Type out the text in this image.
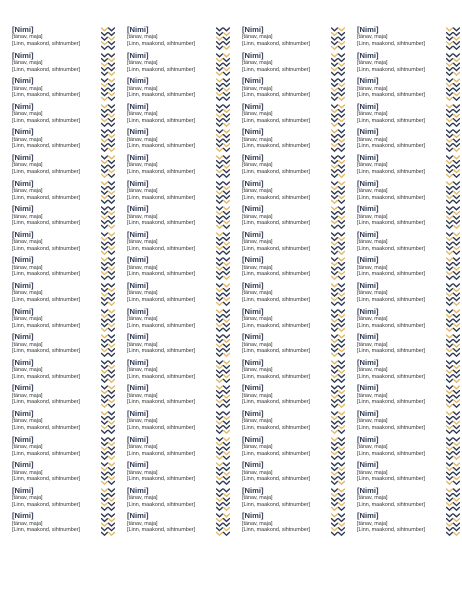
[Nimi]
[tänav, maja]
[Linn, maakond, sihtnumber]
[Nimi]
[tänav, maja]
[Linn, maakond, sihtnumber]
[Nimi]
[tänav, maja]
[Linn, maakond, sihtnumber]
[Nimi]
[tänav, maja]
[Linn, maakond, sihtnumber]
[Nimi]
[tänav, maja]
[Linn, maakond, sihtnumber]
[Nimi]
[tänav, maja]
[Linn, maakond, sihtnumber]
[Nimi]
[tänav, maja]
[Linn, maakond, sihtnumber]
[Nimi]
[tänav, maja]
[Linn, maakond, sihtnumber]
[Nimi]
[tänav, maja]
[Linn, maakond, sihtnumber]
[Nimi]
[tänav, maja]
[Linn, maakond, sihtnumber]
[Nimi]
[tänav, maja]
[Linn, maakond, sihtnumber]
[Nimi]
[tänav, maja]
[Linn, maakond, sihtnumber]
[Nimi]
[tänav, maja]
[Linn, maakond, sihtnumber]
[Nimi]
[tänav, maja]
[Linn, maakond, sihtnumber]
[Nimi]
[tänav, maja]
[Linn, maakond, sihtnumber]
[Nimi]
[tänav, maja]
[Linn, maakond, sihtnumber]
[Nimi]
[tänav, maja]
[Linn, maakond, sihtnumber]
[Nimi]
[tänav, maja]
[Linn, maakond, sihtnumber]
[Nimi]
[tänav, maja]
[Linn, maakond, sihtnumber]
[Nimi]
[tänav, maja]
[Linn, maakond, sihtnumber]
[Nimi]
[tänav, maja]
[Linn, maakond, sihtnumber]
[Nimi]
[tänav, maja]
[Linn, maakond, sihtnumber]
[Nimi]
[tänav, maja]
[Linn, maakond, sihtnumber]
[Nimi]
[tänav, maja]
[Linn, maakond, sihtnumber]
[Nimi]
[tänav, maja]
[Linn, maakond, sihtnumber]
[Nimi]
[tänav, maja]
[Linn, maakond, sihtnumber]
[Nimi]
[tänav, maja]
[Linn, maakond, sihtnumber]
[Nimi]
[tänav, maja]
[Linn, maakond, sihtnumber]
[Nimi]
[tänav, maja]
[Linn, maakond, sihtnumber]
[Nimi]
[tänav, maja]
[Linn, maakond, sihtnumber]
[Nimi]
[tänav, maja]
[Linn, maakond, sihtnumber]
[Nimi]
[tänav, maja]
[Linn, maakond, sihtnumber]
[Nimi]
[tänav, maja]
[Linn, maakond, sihtnumber]
[Nimi]
[tänav, maja]
[Linn, maakond, sihtnumber]
[Nimi]
[tänav, maja]
[Linn, maakond, sihtnumber]
[Nimi]
[tänav, maja]
[Linn, maakond, sihtnumber]
[Nimi]
[tänav, maja]
[Linn, maakond, sihtnumber]
[Nimi]
[tänav, maja]
[Linn, maakond, sihtnumber]
[Nimi]
[tänav, maja]
[Linn, maakond, sihtnumber]
[Nimi]
[tänav, maja]
[Linn, maakond, sihtnumber]
[Nimi]
[tänav, maja]
[Linn, maakond, sihtnumber]
[Nimi]
[tänav, maja]
[Linn, maakond, sihtnumber]
[Nimi]
[tänav, maja]
[Linn, maakond, sihtnumber]
[Nimi]
[tänav, maja]
[Linn, maakond, sihtnumber]
[Nimi]
[tänav, maja]
[Linn, maakond, sihtnumber]
[Nimi]
[tänav, maja]
[Linn, maakond, sihtnumber]
[Nimi]
[tänav, maja]
[Linn, maakond, sihtnumber]
[Nimi]
[tänav, maja]
[Linn, maakond, sihtnumber]
[Nimi]
[tänav, maja]
[Linn, maakond, sihtnumber]
[Nimi]
[tänav, maja]
[Linn, maakond, sihtnumber]
[Nimi]
[tänav, maja]
[Linn, maakond, sihtnumber]
[Nimi]
[tänav, maja]
[Linn, maakond, sihtnumber]
[Nimi]
[tänav, maja]
[Linn, maakond, sihtnumber]
[Nimi]
[tänav, maja]
[Linn, maakond, sihtnumber]
[Nimi]
[tänav, maja]
[Linn, maakond, sihtnumber]
[Nimi]
[tänav, maja]
[Linn, maakond, sihtnumber]
[Nimi]
[tänav, maja]
[Linn, maakond, sihtnumber]
[Nimi]
[tänav, maja]
[Linn, maakond, sihtnumber]
[Nimi]
[tänav, maja]
[Linn, maakond, sihtnumber]
[Nimi]
[tänav, maja]
[Linn, maakond, sihtnumber]
[Nimi]
[tänav, maja]
[Linn, maakond, sihtnumber]
[Nimi]
[tänav, maja]
[Linn, maakond, sihtnumber]
[Nimi]
[tänav, maja]
[Linn, maakond, sihtnumber]
[Nimi]
[tänav, maja]
[Linn, maakond, sihtnumber]
[Nimi]
[tänav, maja]
[Linn, maakond, sihtnumber]
[Nimi]
[tänav, maja]
[Linn, maakond, sihtnumber]
[Nimi]
[tänav, maja]
[Linn, maakond, sihtnumber]
[Nimi]
[tänav, maja]
[Linn, maakond, sihtnumber]
[Nimi]
[tänav, maja]
[Linn, maakond, sihtnumber]
[Nimi]
[tänav, maja]
[Linn, maakond, sihtnumber]
[Nimi]
[tänav, maja]
[Linn, maakond, sihtnumber]
[Nimi]
[tänav, maja]
[Linn, maakond, sihtnumber]
[Nimi]
[tänav, maja]
[Linn, maakond, sihtnumber]
[Nimi]
[tänav, maja]
[Linn, maakond, sihtnumber]
[Nimi]
[tänav, maja]
[Linn, maakond, sihtnumber]
[Nimi]
[tänav, maja]
[Linn, maakond, sihtnumber]
[Nimi]
[tänav, maja]
[Linn, maakond, sihtnumber]
[Nimi]
[tänav, maja]
[Linn, maakond, sihtnumber]
[Nimi]
[tänav, maja]
[Linn, maakond, sihtnumber]
[Nimi]
[tänav, maja]
[Linn, maakond, sihtnumber]
